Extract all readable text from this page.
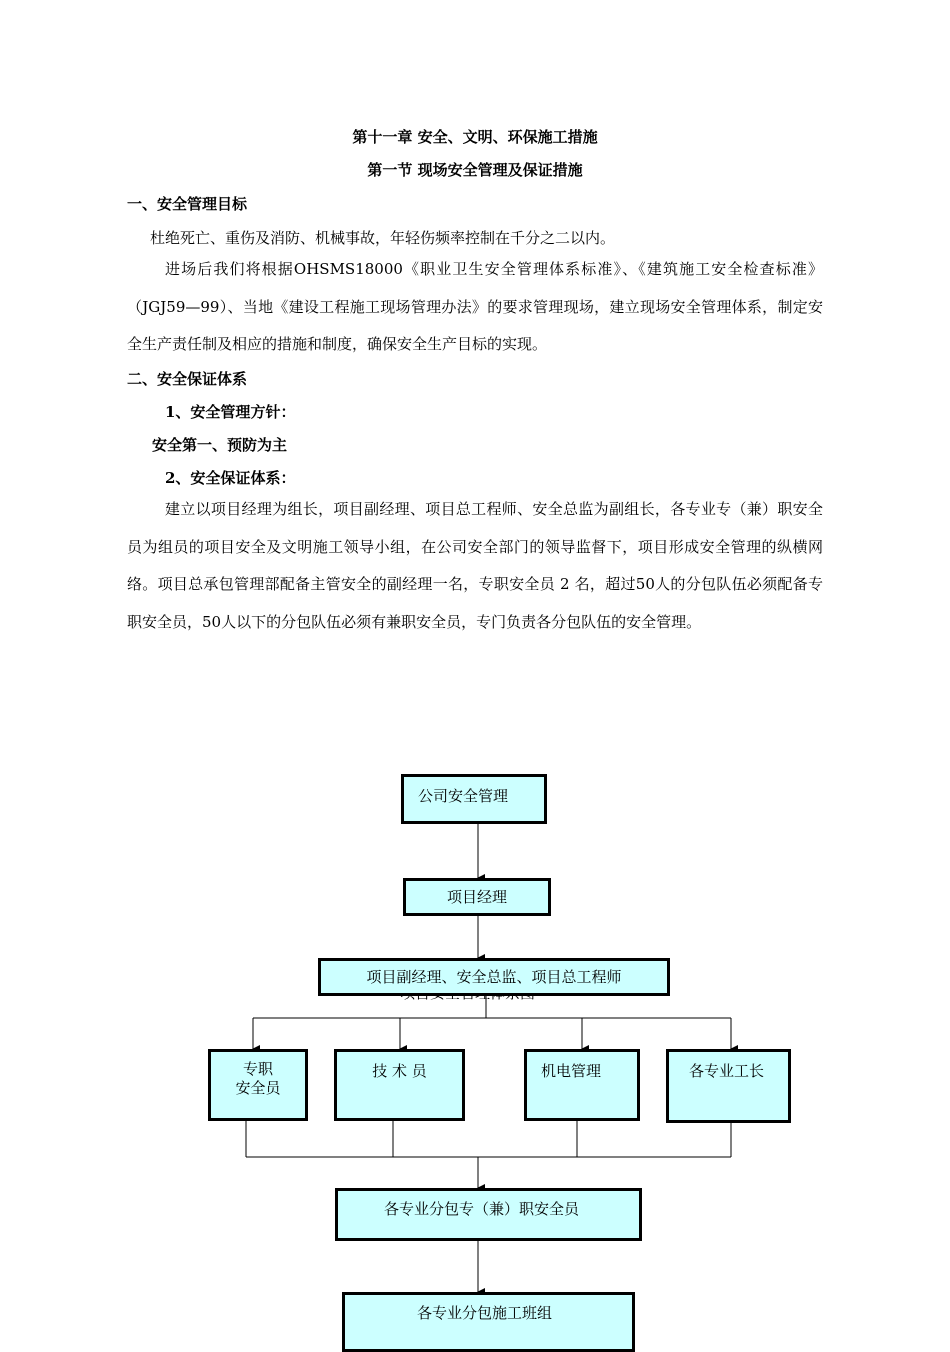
第十一章 安全、文明、环保施工措施
第一节 现场安全管理及保证措施
一、安全管理目标
杜绝死亡、重伤及消防、机械事故，年轻伤频率控制在千分之二以内。
进场后我们将根据OHSMS18000《职业卫生安全管理体系标准》、《建筑施工安全检查标准》（JGJ59—99）、当地《建设工程施工现场管理办法》的要求管理现场，建立现场安全管理体系，制定安全生产责任制及相应的措施和制度，确保安全生产目标的实现。
二、安全保证体系
1、安全管理方针：
安全第一、预防为主
2、安全保证体系：
建立以项目经理为组长，项目副经理、项目总工程师、安全总监为副组长，各专业专（兼）职安全员为组员的项目安全及文明施工领导小组，在公司安全部门的领导监督下，项目形成安全管理的纵横网络。项目总承包管理部配备主管安全的副经理一名，专职安全员 2 名，超过50人的分包队伍必须配备专职安全员，50人以下的分包队伍必须有兼职安全员，专门负责各分包队伍的安全管理。
公司安全管理
项目经理
项目副经理、安全总监、项目总工程师
专职
安全员
技 术 员	机电管理	各专业工长
各专业分包专（兼）职安全员
各专业分包施工班组
